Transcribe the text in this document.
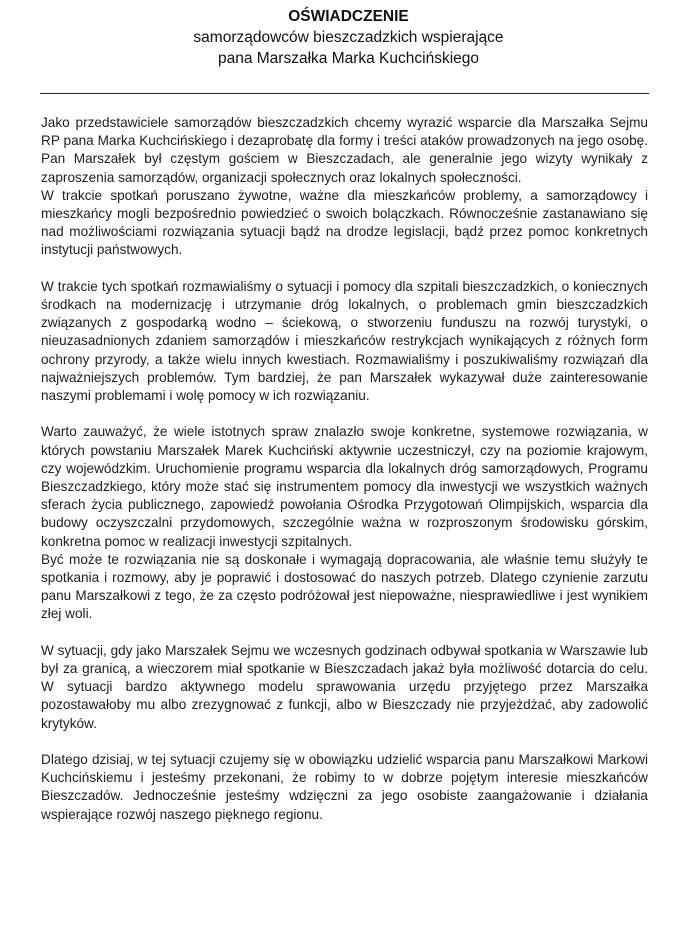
OŚWIADCZENIE

samorządowców bieszczadzkich wspierające

pana Marszałka Marka Kuchcińskiego

Jako przedstawiciele samorządów bieszczadzkich chcemy wyrazić wsparcie dla Marszałka Sejmu RP pana Marka Kuchcińskiego i dezaprobatę dla formy i treści ataków prowadzonych na jego osobę. Pan Marszałek był częstym gościem w Bieszczadach, ale generalnie jego wizyty wynikały z zaproszenia samorządów, organizacji społecznych oraz lokalnych społeczności.

W trakcie spotkań poruszano żywotne, ważne dla mieszkańców problemy, a samorządowcy i mieszkańcy mogli bezpośrednio powiedzieć o swoich bolączkach. Równocześnie zastanawiano się nad możliwościami rozwiązania sytuacji bądź na drodze legislacji, bądź przez pomoc konkretnych instytucji państwowych.

W trakcie tych spotkań rozmawialiśmy o sytuacji i pomocy dla szpitali bieszczadzkich, o koniecznych środkach na modernizację i utrzymanie dróg lokalnych, o problemach gmin bieszczadzkich związanych z gospodarką wodno – ściekową, o stworzeniu funduszu na rozwój turystyki, o nieuzasadnionych zdaniem samorządów i mieszkańców restrykcjach wynikających z różnych form ochrony przyrody, a także wielu innych kwestiach. Rozmawialiśmy i poszukiwaliśmy rozwiązań dla najważniejszych problemów. Tym bardziej, że pan Marszałek wykazywał duże zainteresowanie naszymi problemami i wolę pomocy w ich rozwiązaniu.

Warto zauważyć, że wiele istotnych spraw znalazło swoje konkretne, systemowe rozwiązania, w których powstaniu Marszałek Marek Kuchciński aktywnie uczestniczył, czy na poziomie krajowym, czy wojewódzkim. Uruchomienie programu wsparcia dla lokalnych dróg samorządowych, Programu Bieszczadzkiego, który może stać się instrumentem pomocy dla inwestycji we wszystkich ważnych sferach życia publicznego, zapowiedź powołania Ośrodka Przygotowań Olimpijskich, wsparcia dla budowy oczyszczalni przydomowych, szczególnie ważna w rozproszonym środowisku górskim, konkretna pomoc w realizacji inwestycji szpitalnych.

Być może te rozwiązania nie są doskonałe i wymagają dopracowania, ale właśnie temu służyły te spotkania i rozmowy, aby je poprawić i dostosować do naszych potrzeb. Dlatego czynienie zarzutu panu Marszałkowi z tego, że za często podróżował jest niepoważne, niesprawiedliwe i jest wynikiem złej woli.

W sytuacji, gdy jako Marszałek Sejmu we wczesnych godzinach odbywał spotkania w Warszawie lub był za granicą, a wieczorem miał spotkanie w Bieszczadach jakaż była możliwość dotarcia do celu. W sytuacji bardzo aktywnego modelu sprawowania urzędu przyjętego przez Marszałka pozostawałoby mu albo zrezygnować z funkcji, albo w Bieszczady nie przyjeżdżać, aby zadowolić krytyków.

Dlatego dzisiaj, w tej sytuacji czujemy się w obowiązku udzielić wsparcia panu Marszałkowi Markowi Kuchcińskiemu i jesteśmy przekonani, że robimy to w dobrze pojętym interesie mieszkańców Bieszczadów. Jednocześnie jesteśmy wdzięczni za jego osobiste zaangażowanie i działania wspierające rozwój naszego pięknego regionu.
